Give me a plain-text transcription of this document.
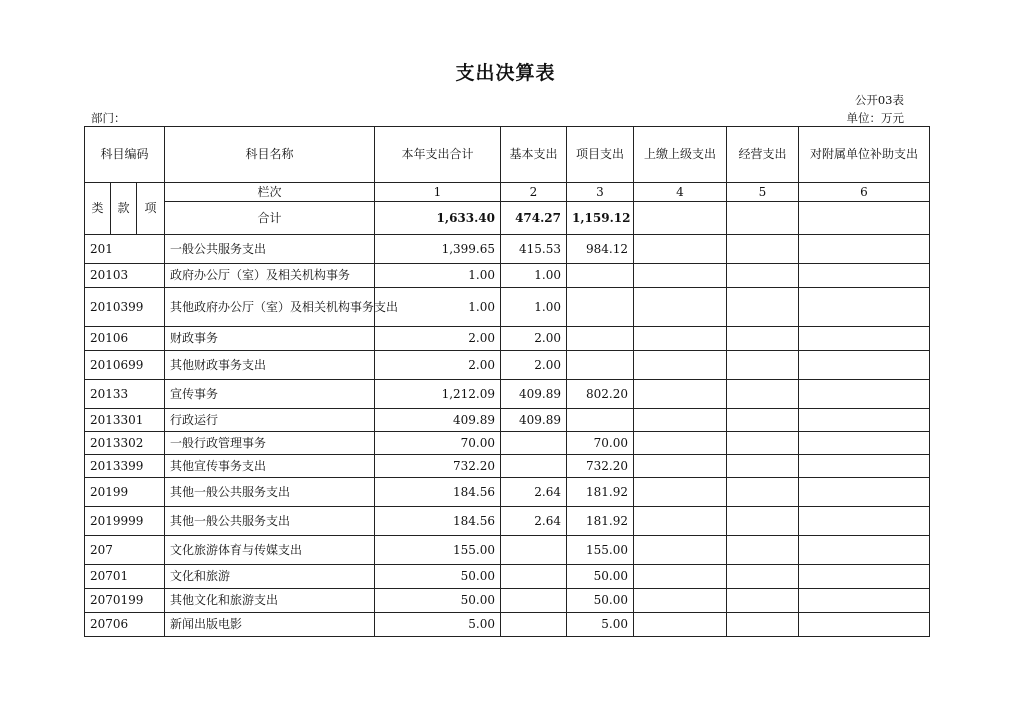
支出决算表
公开03表
单位：万元
部门：
科目编码			科目名称	本年支出合计	基本支出	项目支出	上缴上级支出	经营支出	对附属单位补助支出
类	款	项	栏次	1	2	3	4	5	6
			合计	1,633.40	474.27	1,159.12			
201			一般公共服务支出	1,399.65	415.53	984.12			
20103			政府办公厅（室）及相关机构事务	1.00	1.00				
2010399			其他政府办公厅（室）及相关机构事务支出	1.00	1.00				
20106			财政事务	2.00	2.00				
2010699			其他财政事务支出	2.00	2.00				
20133			宣传事务	1,212.09	409.89	802.20			
2013301			行政运行	409.89	409.89				
2013302			一般行政管理事务	70.00		70.00			
2013399			其他宣传事务支出	732.20		732.20			
20199			其他一般公共服务支出	184.56	2.64	181.92			
2019999			其他一般公共服务支出	184.56	2.64	181.92			
207			文化旅游体育与传媒支出	155.00		155.00			
20701			文化和旅游	50.00		50.00			
2070199			其他文化和旅游支出	50.00		50.00			
20706			新闻出版电影	5.00		5.00			
